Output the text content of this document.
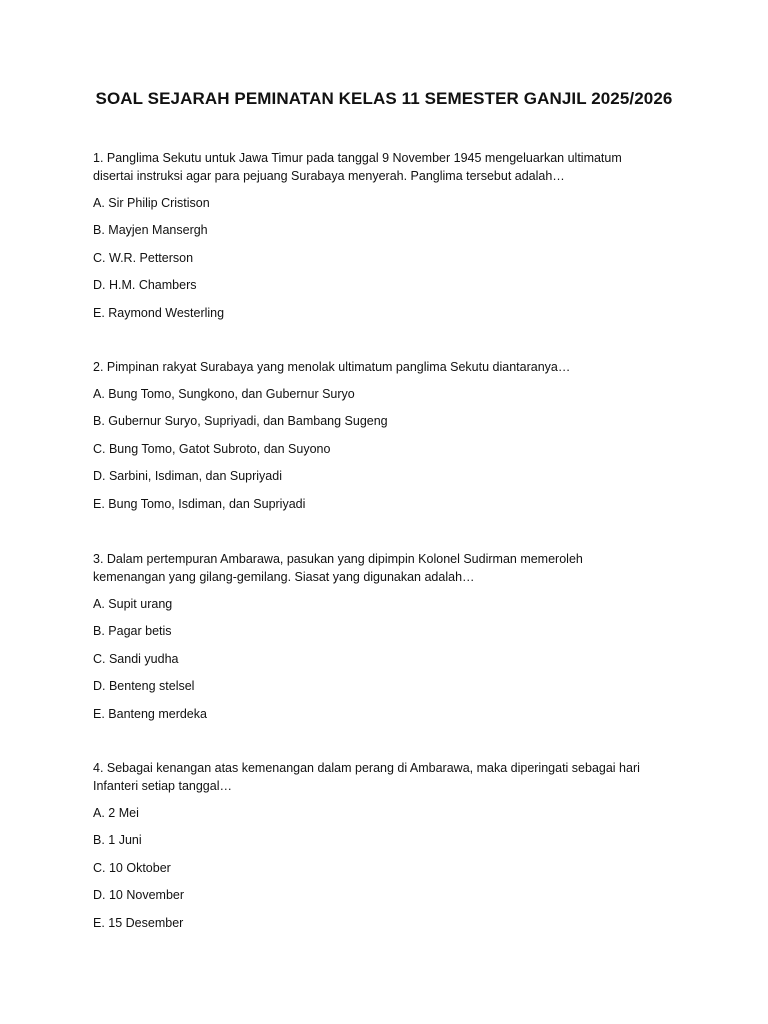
SOAL SEJARAH PEMINATAN KELAS 11 SEMESTER GANJIL 2025/2026

1. Panglima Sekutu untuk Jawa Timur pada tanggal 9 November 1945 mengeluarkan ultimatum
disertai instruksi agar para pejuang Surabaya menyerah. Panglima tersebut adalah…

A. Sir Philip Cristison

B. Mayjen Mansergh

C. W.R. Petterson

D. H.M. Chambers

E. Raymond Westerling

2. Pimpinan rakyat Surabaya yang menolak ultimatum panglima Sekutu diantaranya…

A. Bung Tomo, Sungkono, dan Gubernur Suryo

B. Gubernur Suryo, Supriyadi, dan Bambang Sugeng

C. Bung Tomo, Gatot Subroto, dan Suyono

D. Sarbini, Isdiman, dan Supriyadi

E. Bung Tomo, Isdiman, dan Supriyadi

3. Dalam pertempuran Ambarawa, pasukan yang dipimpin Kolonel Sudirman memeroleh
kemenangan yang gilang-gemilang. Siasat yang digunakan adalah…

A. Supit urang

B. Pagar betis

C. Sandi yudha

D. Benteng stelsel

E. Banteng merdeka

4. Sebagai kenangan atas kemenangan dalam perang di Ambarawa, maka diperingati sebagai hari
Infanteri setiap tanggal…

A. 2 Mei

B. 1 Juni

C. 10 Oktober

D. 10 November

E. 15 Desember
